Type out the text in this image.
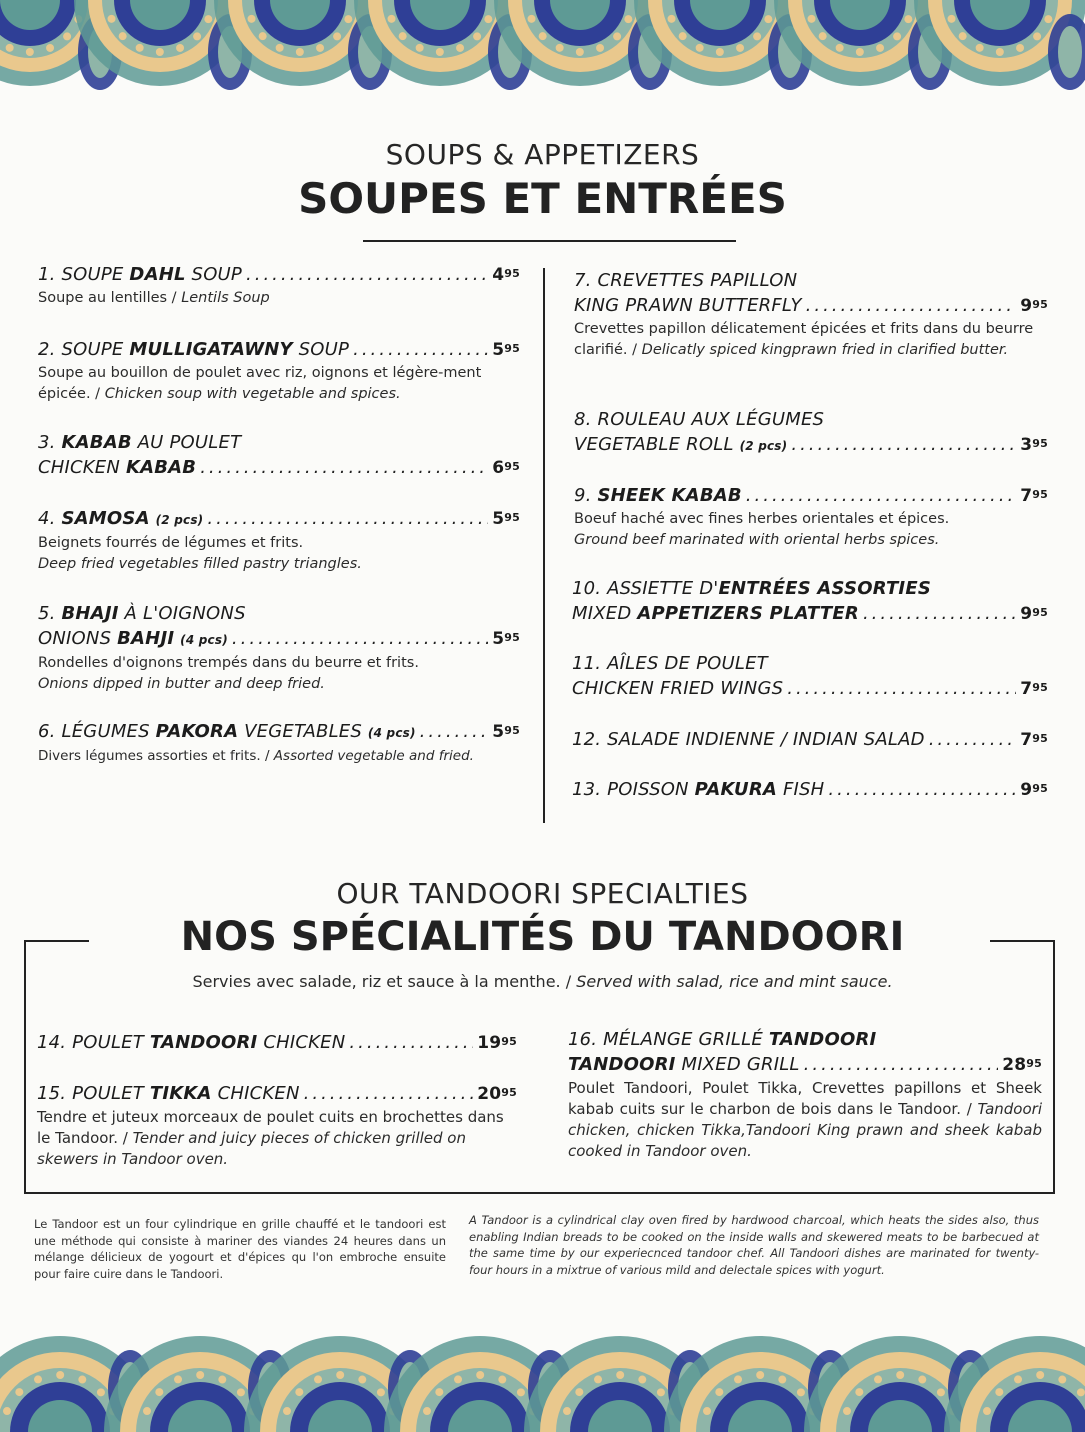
SOUPS & APPETIZERS
SOUPES ET ENTRÉES
1. SOUPE DAHL SOUP .....	$4^{95}$
Soupe au lentilles / Lentils Soup
2. SOUPE MULLIGATAWNY SOUP .....	$5^{95}$
Soupe au bouillon de poulet avec riz, oignons et légère-ment épicée. / Chicken soup with vegetable and spices.
3. KABAB AU POULET
CHICKEN KABAB .....	$6^{95}$
4. SAMOSA (2 pcs) .....	$5^{95}$
Beignets fourrés de légumes et frits.
Deep fried vegetables filled pastry triangles.
5. BHAJI À L'OIGNONS
ONIONS BAHJI (4 pcs) .....	$5^{95}$
Rondelles d'oignons trempés dans du beurre et frits.
Onions dipped in butter and deep fried.
6. LÉGUMES PAKORA VEGETABLES (4 pcs) .....	$5^{95}$
Divers légumes assorties et frits. / Assorted vegetable and fried.
7. CREVETTES PAPILLON
KING PRAWN BUTTERFLY .....	$9^{95}$
Crevettes papillon délicatement épicées et frits dans du beurre clarifié. / Delicatly spiced kingprawn fried in clarified butter.
8. ROULEAU AUX LÉGUMES
VEGETABLE ROLL (2 pcs) .....	$3^{95}$
9. SHEEK KABAB .....	$7^{95}$
Boeuf haché avec fines herbes orientales et épices.
Ground beef marinated with oriental herbs spices.
10. ASSIETTE D'ENTRÉES ASSORTIES
MIXED APPETIZERS PLATTER .....	$9^{95}$
11. AÎLES DE POULET
CHICKEN FRIED WINGS .....	$7^{95}$
12. SALADE INDIENNE / INDIAN SALAD .....	$7^{95}$
13. POISSON PAKURA FISH .....	$9^{95}$
OUR TANDOORI SPECIALTIES
NOS SPÉCIALITÉS DU TANDOORI
Servies avec salade, riz et sauce à la menthe. / Served with salad, rice and mint sauce.
14. POULET TANDOORI CHICKEN .....	$19^{95}$
15. POULET TIKKA CHICKEN .....	$20^{95}$
Tendre et juteux morceaux de poulet cuits en brochettes dans le Tandoor. / Tender and juicy pieces of chicken grilled on skewers in Tandoor oven.
16. MÉLANGE GRILLÉ TANDOORI
TANDOORI MIXED GRILL .....	$28^{95}$
Poulet Tandoori, Poulet Tikka, Crevettes papillons et Sheek kabab cuits sur le charbon de bois dans le Tandoor. / Tandoori chicken, chicken Tikka,Tandoori King prawn and sheek kabab cooked in Tandoor oven.
Le Tandoor est un four cylindrique en grille chauffé et le tandoori est une méthode qui consiste à mariner des viandes 24 heures dans un mélange délicieux de yogourt et d'épices qu l'on embroche ensuite pour faire cuire dans le Tandoori.
A Tandoor is a cylindrical clay oven fired by hardwood charcoal, which heats the sides also, thus enabling Indian breads to be cooked on the inside walls and skewered meats to be barbecued at the same time by our experiecnced tandoor chef. All Tandoori dishes are marinated for twenty-four hours in a mixtrue of various mild and delectale spices with yogurt.
